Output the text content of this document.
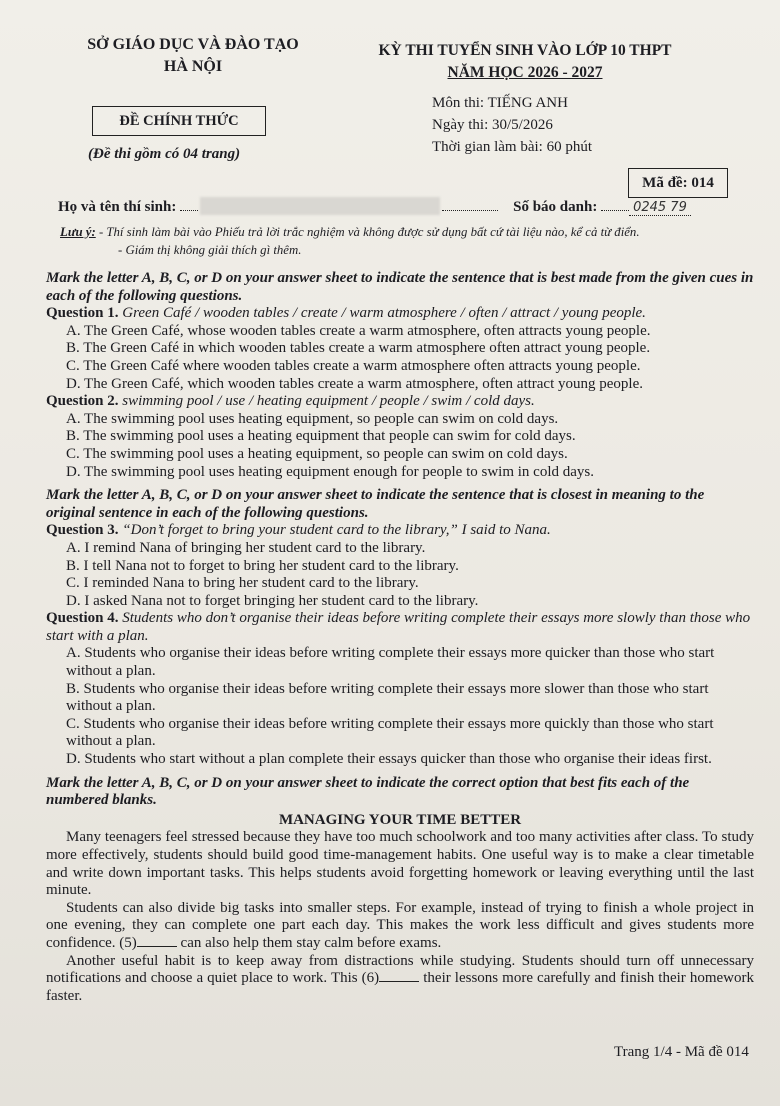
SỞ GIÁO DỤC VÀ ĐÀO TẠO
HÀ NỘI
KỲ THI TUYỂN SINH VÀO LỚP 10 THPT
NĂM HỌC 2026 - 2027
ĐỀ CHÍNH THỨC
(Đề thi gồm có 04 trang)
Môn thi: TIẾNG ANH
Ngày thi: 30/5/2026
Thời gian làm bài: 60 phút
Mã đề: 014
Họ và tên thí sinh:	Số báo danh:	0245 79
Lưu ý: - Thí sinh làm bài vào Phiếu trả lời trắc nghiệm và không được sử dụng bất cứ tài liệu nào, kể cả từ điển.
- Giám thị không giải thích gì thêm.

Mark the letter A, B, C, or D on your answer sheet to indicate the sentence that is best made from the given cues in each of the following questions.

Question 1. Green Café / wooden tables / create / warm atmosphere / often / attract / young people.

A. The Green Café, whose wooden tables create a warm atmosphere, often attracts young people.

B. The Green Café in which wooden tables create a warm atmosphere often attract young people.

C. The Green Café where wooden tables create a warm atmosphere often attracts young people.

D. The Green Café, which wooden tables create a warm atmosphere, often attract young people.

Question 2. swimming pool / use / heating equipment / people / swim / cold days.

A. The swimming pool uses heating equipment, so people can swim on cold days.

B. The swimming pool uses a heating equipment that people can swim for cold days.

C. The swimming pool uses a heating equipment, so people can swim on cold days.

D. The swimming pool uses heating equipment enough for people to swim in cold days.

Mark the letter A, B, C, or D on your answer sheet to indicate the sentence that is closest in meaning to the original sentence in each of the following questions.

Question 3. “Don’t forget to bring your student card to the library,” I said to Nana.

A. I remind Nana of bringing her student card to the library.

B. I tell Nana not to forget to bring her student card to the library.

C. I reminded Nana to bring her student card to the library.

D. I asked Nana not to forget bringing her student card to the library.

Question 4. Students who don’t organise their ideas before writing complete their essays more slowly than those who start with a plan.

A. Students who organise their ideas before writing complete their essays more quicker than those who start without a plan.

B. Students who organise their ideas before writing complete their essays more slower than those who start without a plan.

C. Students who organise their ideas before writing complete their essays more quickly than those who start without a plan.

D. Students who start without a plan complete their essays quicker than those who organise their ideas first.

Mark the letter A, B, C, or D on your answer sheet to indicate the correct option that best fits each of the numbered blanks.

MANAGING YOUR TIME BETTER

Many teenagers feel stressed because they have too much schoolwork and too many activities after class. To study more effectively, students should build good time-management habits. One useful way is to make a clear timetable and write down important tasks. This helps students avoid forgetting homework or leaving everything until the last minute.

Students can also divide big tasks into smaller steps. For example, instead of trying to finish a whole project in one evening, they can complete one part each day. This makes the work less difficult and gives students more confidence. (5)	can also help them stay calm before exams.

Another useful habit is to keep away from distractions while studying. Students should turn off unnecessary notifications and choose a quiet place to work. This (6)	their lessons more carefully and finish their homework faster.

Trang 1/4 - Mã đề 014
